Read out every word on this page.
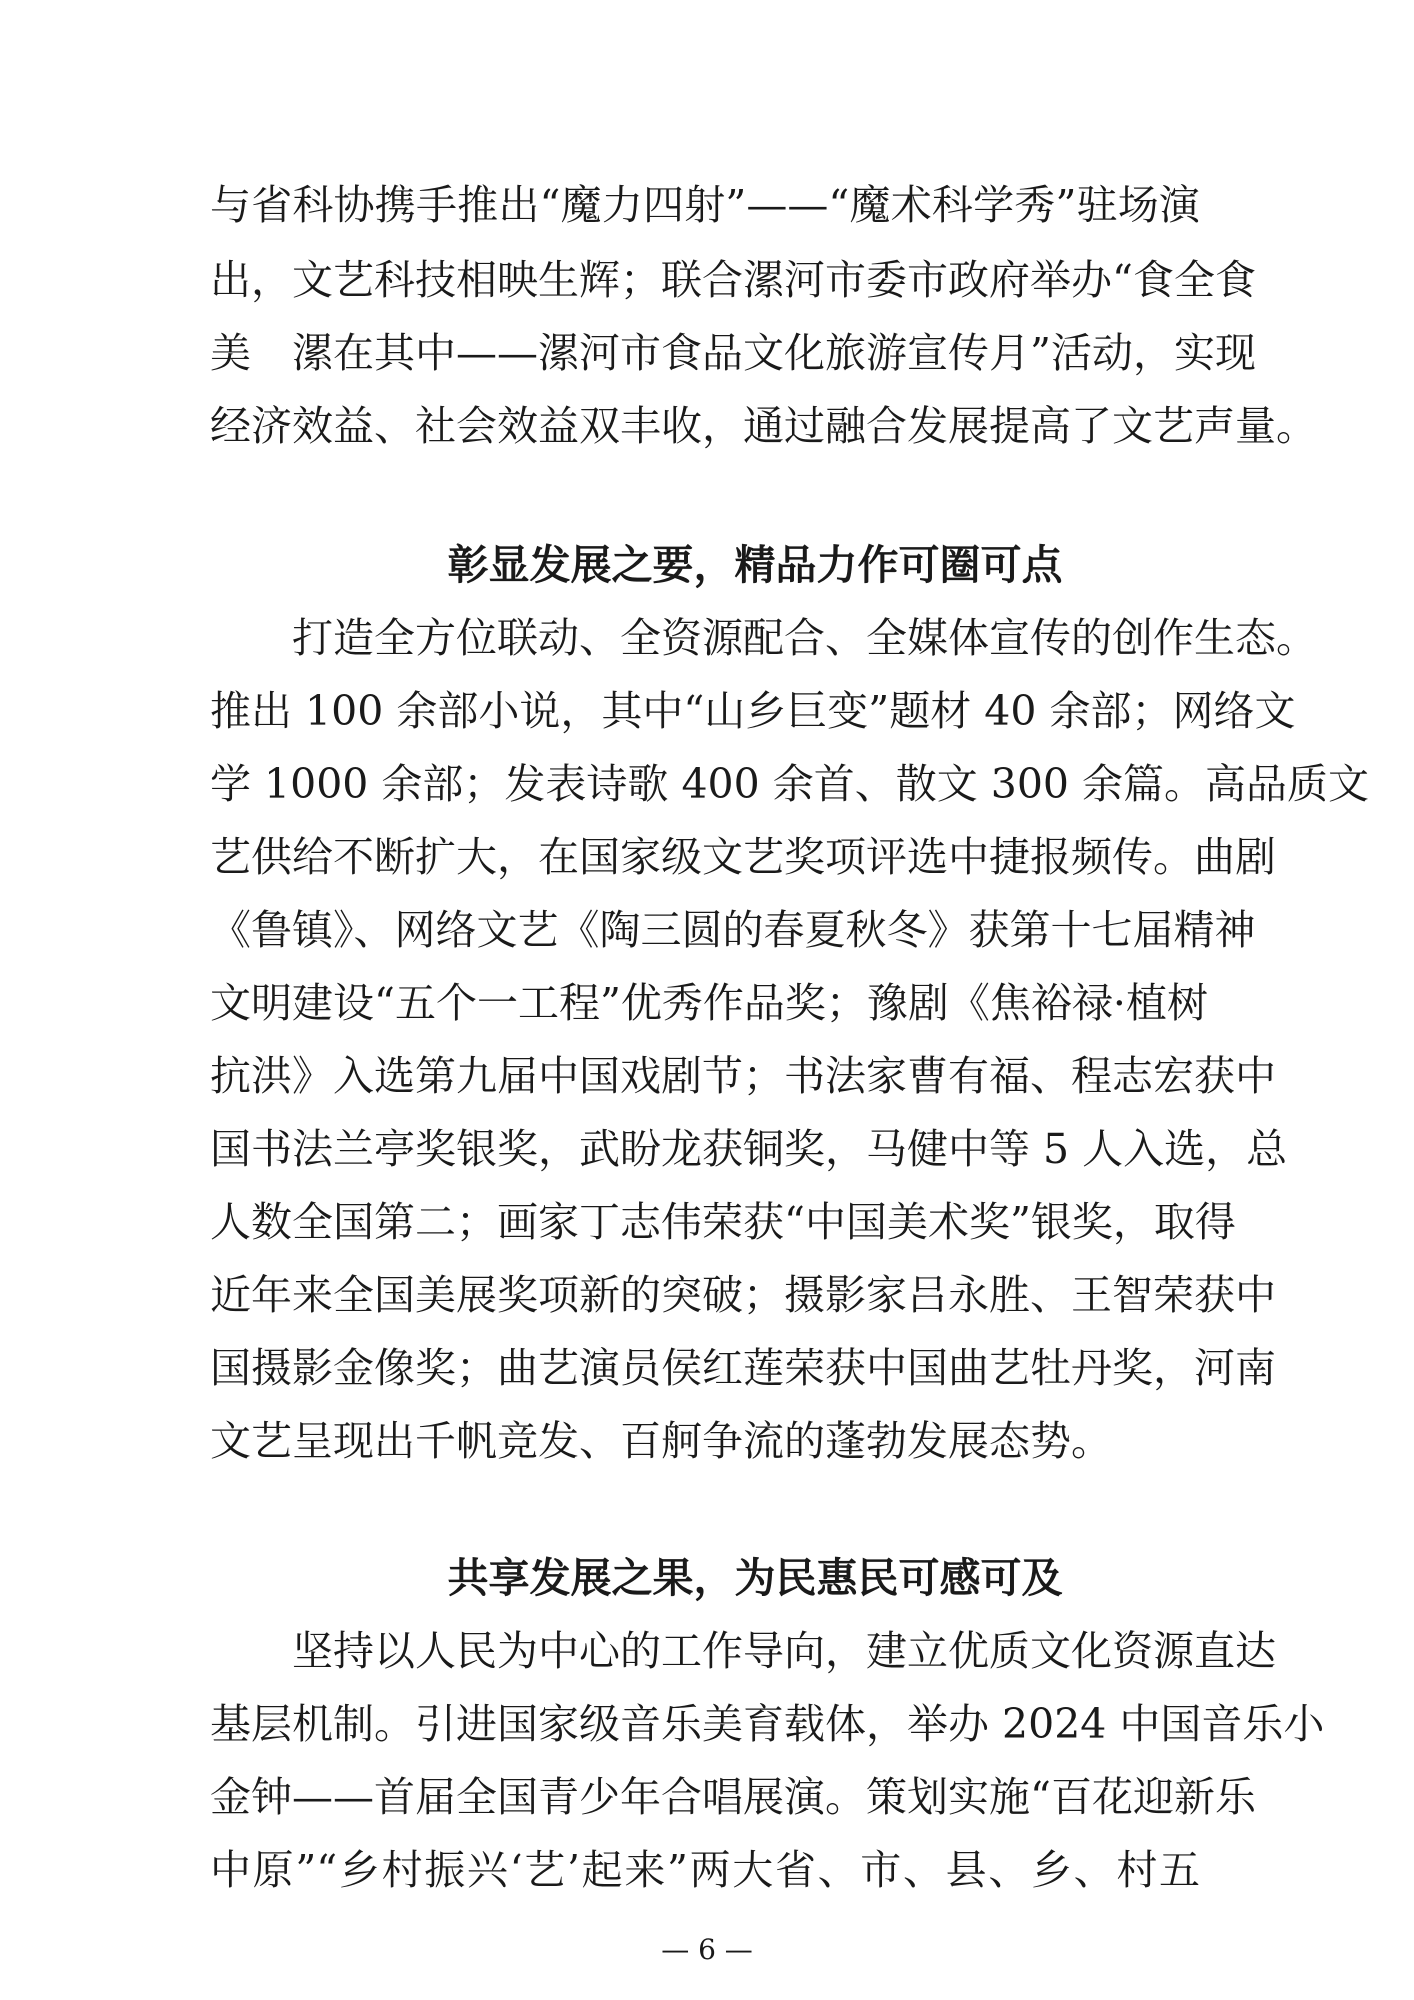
与省科协携手推出“魔力四射”——“魔术科学秀”驻场演
出，文艺科技相映生辉；联合漯河市委市政府举办“食全食
美　漯在其中——漯河市食品文化旅游宣传月”活动，实现
经济效益、社会效益双丰收，通过融合发展提高了文艺声量。
彰显发展之要，精品力作可圈可点
　　打造全方位联动、全资源配合、全媒体宣传的创作生态。
推出 100 余部小说，其中“山乡巨变”题材 40 余部；网络文
学 1000 余部；发表诗歌 400 余首、散文 300 余篇。高品质文
艺供给不断扩大，在国家级文艺奖项评选中捷报频传。曲剧
《鲁镇》、网络文艺《陶三圆的春夏秋冬》获第十七届精神
文明建设“五个一工程”优秀作品奖；豫剧《焦裕禄·植树
抗洪》入选第九届中国戏剧节；书法家曹有福、程志宏获中
国书法兰亭奖银奖，武盼龙获铜奖，马健中等 5 人入选，总
人数全国第二；画家丁志伟荣获“中国美术奖”银奖，取得
近年来全国美展奖项新的突破；摄影家吕永胜、王智荣获中
国摄影金像奖；曲艺演员侯红莲荣获中国曲艺牡丹奖，河南
文艺呈现出千帆竞发、百舸争流的蓬勃发展态势。
共享发展之果，为民惠民可感可及
　　坚持以人民为中心的工作导向，建立优质文化资源直达
基层机制。引进国家级音乐美育载体，举办 2024 中国音乐小
金钟——首届全国青少年合唱展演。策划实施“百花迎新乐
中原”“乡村振兴‘艺’起来”两大省、市、县、乡、村五
— 6 —
